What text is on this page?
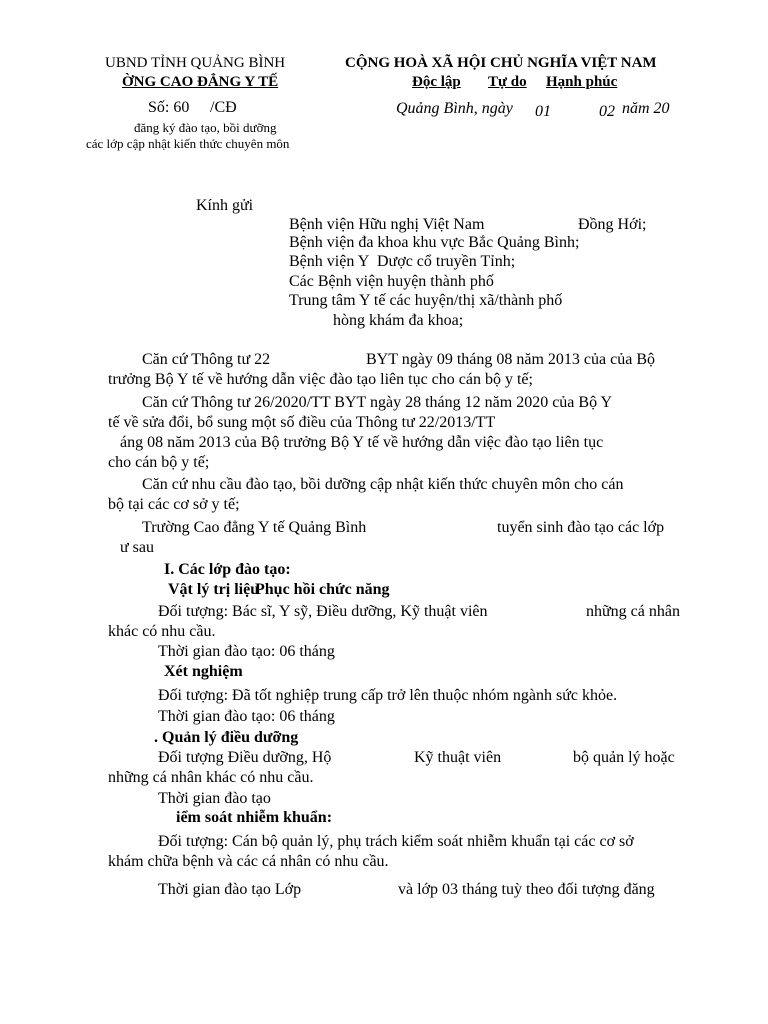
UBND TỈNH QUẢNG BÌNH
ỜNG CAO ĐẲNG Y TẾ
CỘNG HOÀ XÃ HỘI CHỦ NGHĨA VIỆT NAM
Độc lập Tự do Hạnh phúc
Số: 60 /CĐ	Quảng Bình, ngày 01	02 năm 20
đăng ký đào tạo, bồi dưỡng
các lớp cập nhật kiến thức chuyên môn
Kính gửi
Bệnh viện Hữu nghị Việt Nam	Đồng Hới;
Bệnh viện đa khoa khu vực Bắc Quảng Bình;
Bệnh viện Y Dược cổ truyền Tỉnh;
Các Bệnh viện huyện thành phố
Trung tâm Y tế các huyện/thị xã/thành phố
hòng khám đa khoa;
Căn cứ Thông tư 22	BYT ngày 09 tháng 08 năm 2013 của của Bộ
trưởng Bộ Y tế về hướng dẫn việc đào tạo liên tục cho cán bộ y tế;
Căn cứ Thông tư 26/2020/TT BYT ngày 28 tháng 12 năm 2020 của Bộ Y
tế về sửa đổi, bổ sung một số điều của Thông tư 22/2013/TT
áng 08 năm 2013 của Bộ trưởng Bộ Y tế về hướng dẫn việc đào tạo liên tục
cho cán bộ y tế;
Căn cứ nhu cầu đào tạo, bồi dưỡng cập nhật kiến thức chuyên môn cho cán
bộ tại các cơ sở y tế;
Trường Cao đẳng Y tế Quảng Bình	tuyển sinh đào tạo các lớp
ư sau
I. Các lớp đào tạo:
Vật lý trị liệu
Phục hồi chức năng
Đối tượng: Bác sĩ, Y sỹ, Điều dưỡng, Kỹ thuật viên	những cá nhân
khác có nhu cầu.
Thời gian đào tạo: 06 tháng
Xét nghiệm
Đối tượng: Đã tốt nghiệp trung cấp trở lên thuộc nhóm ngành sức khỏe.
Thời gian đào tạo: 06 tháng
. Quản lý điều dưỡng
Đối tượng Điều dưỡng, Hộ	Kỹ thuật viên	bộ quản lý hoặc
những cá nhân khác có nhu cầu.
Thời gian đào tạo
iểm soát nhiễm khuẩn:
Đối tượng: Cán bộ quản lý, phụ trách kiểm soát nhiễm khuẩn tại các cơ sở
khám chữa bệnh và các cá nhân có nhu cầu.
Thời gian đào tạo Lớp	và lớp 03 tháng tuỳ theo đối tượng đăng
